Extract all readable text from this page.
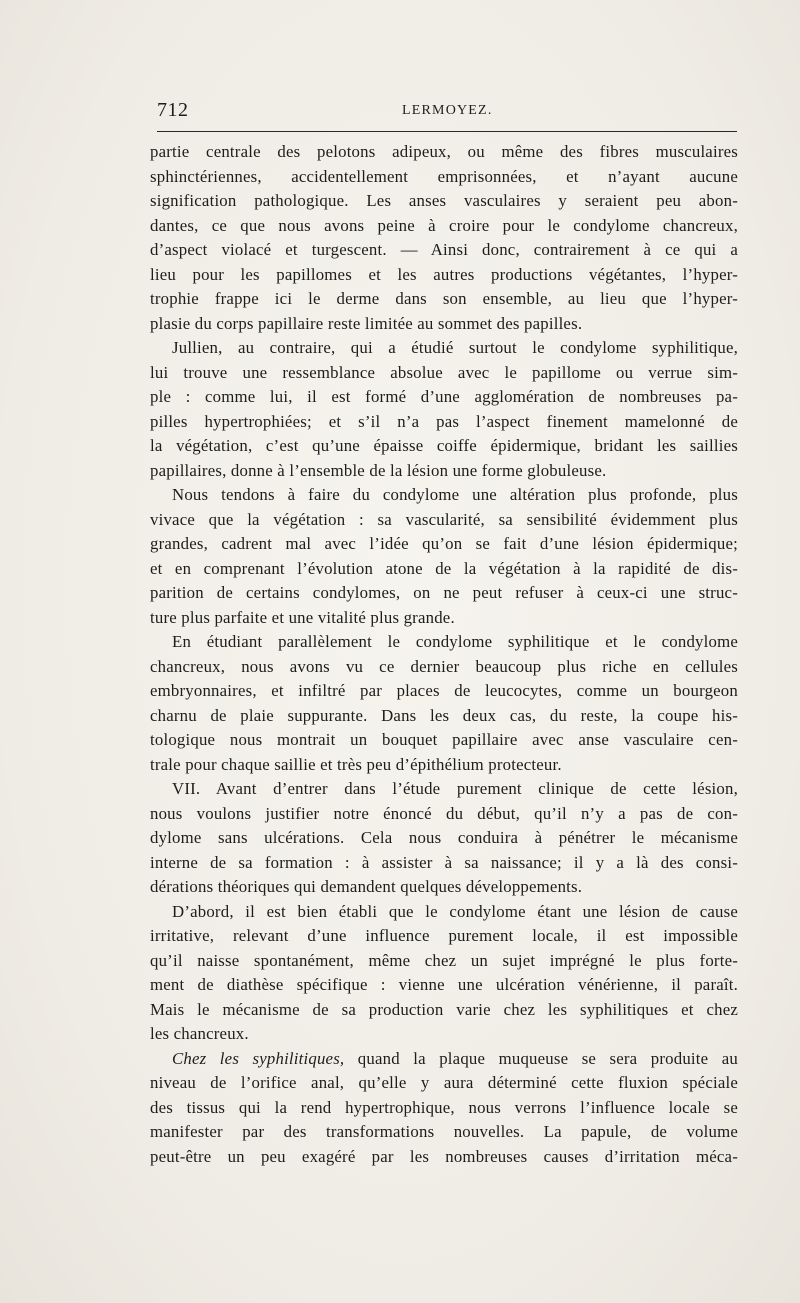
712	LERMOYEZ.
partie centrale des pelotons adipeux, ou même des fibres musculaires
sphinctériennes, accidentellement emprisonnées, et n’ayant aucune
signification pathologique. Les anses vasculaires y seraient peu abon-
dantes, ce que nous avons peine à croire pour le condylome chancreux,
d’aspect violacé et turgescent. — Ainsi donc, contrairement à ce qui a
lieu pour les papillomes et les autres productions végétantes, l’hyper-
trophie frappe ici le derme dans son ensemble, au lieu que l’hyper-
plasie du corps papillaire reste limitée au sommet des papilles.
Jullien, au contraire, qui a étudié surtout le condylome syphilitique,
lui trouve une ressemblance absolue avec le papillome ou verrue sim-
ple : comme lui, il est formé d’une agglomération de nombreuses pa-
pilles hypertrophiées; et s’il n’a pas l’aspect finement mamelonné de
la végétation, c’est qu’une épaisse coiffe épidermique, bridant les saillies
papillaires, donne à l’ensemble de la lésion une forme globuleuse.
Nous tendons à faire du condylome une altération plus profonde, plus
vivace que la végétation : sa vascularité, sa sensibilité évidemment plus
grandes, cadrent mal avec l’idée qu’on se fait d’une lésion épidermique;
et en comprenant l’évolution atone de la végétation à la rapidité de dis-
parition de certains condylomes, on ne peut refuser à ceux-ci une struc-
ture plus parfaite et une vitalité plus grande.
En étudiant parallèlement le condylome syphilitique et le condylome
chancreux, nous avons vu ce dernier beaucoup plus riche en cellules
embryonnaires, et infiltré par places de leucocytes, comme un bourgeon
charnu de plaie suppurante. Dans les deux cas, du reste, la coupe his-
tologique nous montrait un bouquet papillaire avec anse vasculaire cen-
trale pour chaque saillie et très peu d’épithélium protecteur.
VII. Avant d’entrer dans l’étude purement clinique de cette lésion,
nous voulons justifier notre énoncé du début, qu’il n’y a pas de con-
dylome sans ulcérations. Cela nous conduira à pénétrer le mécanisme
interne de sa formation : à assister à sa naissance; il y a là des consi-
dérations théoriques qui demandent quelques développements.
D’abord, il est bien établi que le condylome étant une lésion de cause
irritative, relevant d’une influence purement locale, il est impossible
qu’il naisse spontanément, même chez un sujet imprégné le plus forte-
ment de diathèse spécifique : vienne une ulcération vénérienne, il paraît.
Mais le mécanisme de sa production varie chez les syphilitiques et chez
les chancreux.
Chez les syphilitiques, quand la plaque muqueuse se sera produite au
niveau de l’orifice anal, qu’elle y aura déterminé cette fluxion spéciale
des tissus qui la rend hypertrophique, nous verrons l’influence locale se
manifester par des transformations nouvelles. La papule, de volume
peut-être un peu exagéré par les nombreuses causes d’irritation méca-
